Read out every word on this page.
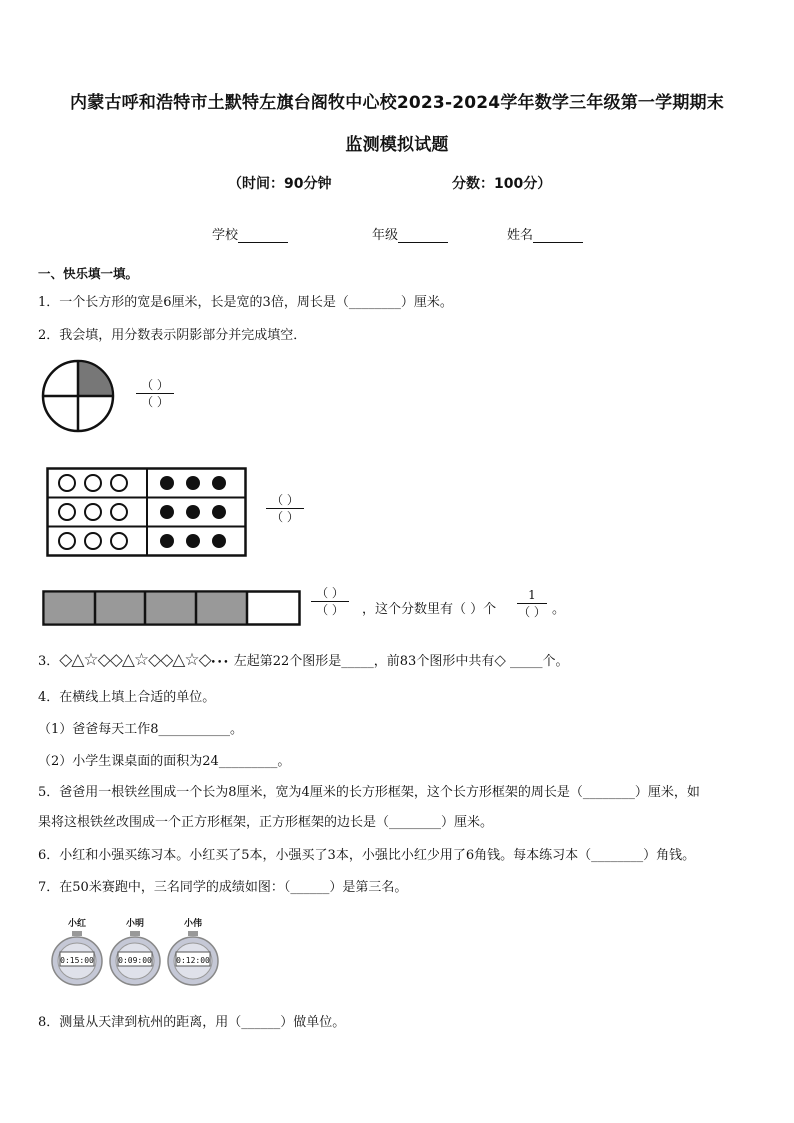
内蒙古呼和浩特市土默特左旗台阁牧中心校2023-2024学年数学三年级第一学期期末
监测模拟试题
（时间：90分钟	分数：100分）
学校	年级	姓名
一、快乐填一填。
1．一个长方形的宽是6厘米，长是宽的3倍，周长是（________）厘米。
2．我会填，用分数表示阴影部分并完成填空．
（ ）
（ ）
（ ）
（ ）
（ ）
（ ） ，这个分数里有（ ）个
1
（ ） 。
3．◇△☆◇◇△☆◇◇△☆◇••• 左起第22个图形是_____，前83个图形中共有◇ _____个。
4．在横线上填上合适的单位。
（1）爸爸每天工作8___________。
（2）小学生课桌面的面积为24_________。
5．爸爸用一根铁丝围成一个长为8厘米，宽为4厘米的长方形框架，这个长方形框架的周长是（________）厘米，如
果将这根铁丝改围成一个正方形框架，正方形框架的边长是（________）厘米。
6．小红和小强买练习本。小红买了5本，小强买了3本，小强比小红少用了6角钱。每本练习本（________）角钱。
7．在50米赛跑中，三名同学的成绩如图：（______）是第三名。
小红
0:15:00
小明
0:09:00
小伟
0:12:00
8．测量从天津到杭州的距离，用（______）做单位。
